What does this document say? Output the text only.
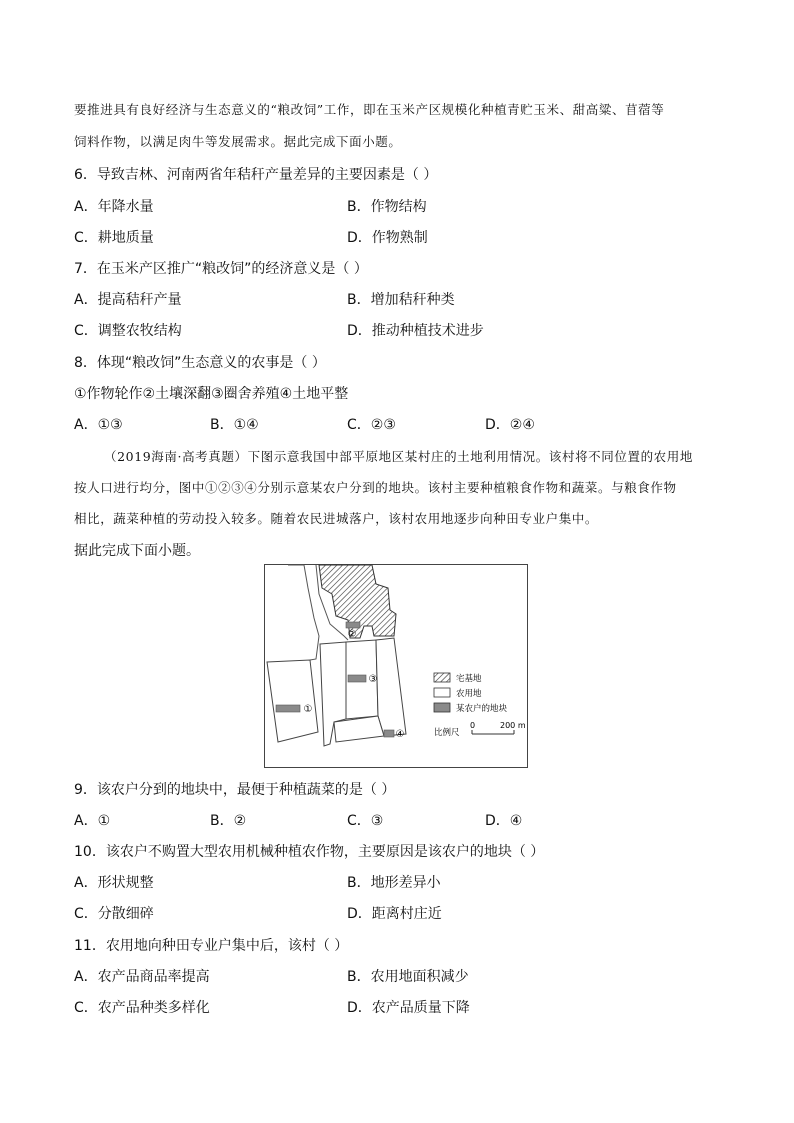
要推进具有良好经济与生态意义的“粮改饲”工作，即在玉米产区规模化种植青贮玉米、甜高粱、苜蓿等
饲料作物，以满足肉牛等发展需求。据此完成下面小题。
6．导致吉林、河南两省年秸秆产量差异的主要因素是（ ）
A．年降水量	B．作物结构
C．耕地质量	D．作物熟制
7．在玉米产区推广“粮改饲”的经济意义是（ ）
A．提高秸秆产量	B．增加秸秆种类
C．调整农牧结构	D．推动种植技术进步
8．体现“粮改饲”生态意义的农事是（ ）
①作物轮作②土壤深翻③圈舍养殖④土地平整
A．①③	B．①④	C．②③	D．②④
（2019海南·高考真题）下图示意我国中部平原地区某村庄的土地利用情况。该村将不同位置的农用地
按人口进行均分，图中①②③④分别示意某农户分到的地块。该村主要种植粮食作物和蔬菜。与粮食作物
相比，蔬菜种植的劳动投入较多。随着农民进城落户，该村农用地逐步向种田专业户集中。
据此完成下面小题。
②
①
③
④
宅基地
农用地
某农户的地块
比例尺
0	200 m
9．该农户分到的地块中，最便于种植蔬菜的是（ ）
A．①	B．②	C．③	D．④
10．该农户不购置大型农用机械种植农作物，主要原因是该农户的地块（ ）
A．形状规整	B．地形差异小
C．分散细碎	D．距离村庄近
11．农用地向种田专业户集中后，该村（ ）
A．农产品商品率提高	B．农用地面积减少
C．农产品种类多样化	D．农产品质量下降
